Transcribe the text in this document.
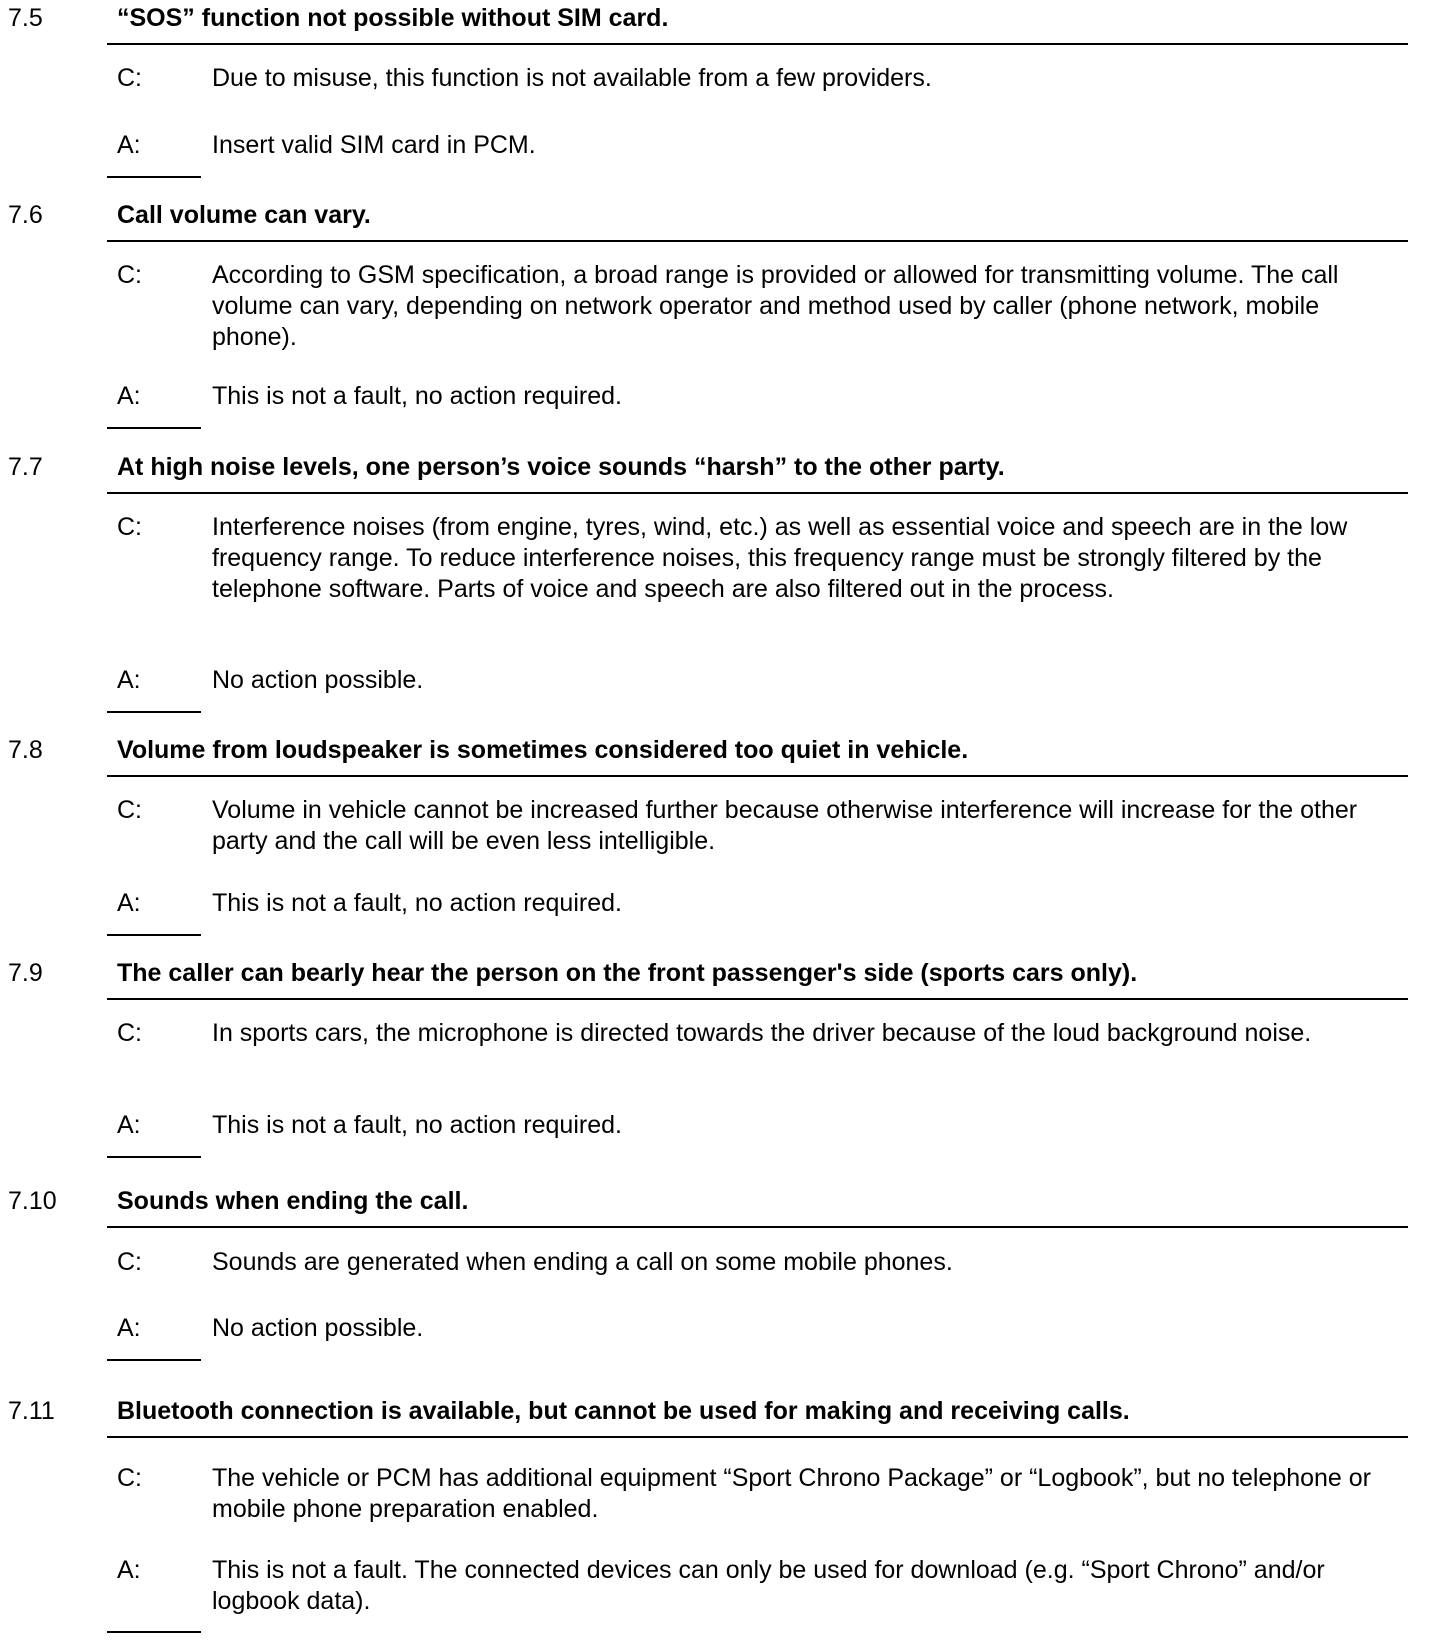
7.5	“SOS” function not possible without SIM card.
C:	Due to misuse, this function is not available from a few providers.
A:	Insert valid SIM card in PCM.
7.6	Call volume can vary.
C:	According to GSM specification, a broad range is provided or allowed for transmitting volume. The call volume can vary, depending on network operator and method used by caller (phone network, mobile phone).
A:	This is not a fault, no action required.
7.7	At high noise levels, one person’s voice sounds “harsh” to the other party.
C:	Interference noises (from engine, tyres, wind, etc.) as well as essential voice and speech are in the low frequency range. To reduce interference noises, this frequency range must be strongly filtered by the telephone software. Parts of voice and speech are also filtered out in the process.
A:	No action possible.
7.8	Volume from loudspeaker is sometimes considered too quiet in vehicle.
C:	Volume in vehicle cannot be increased further because otherwise interference will increase for the other party and the call will be even less intelligible.
A:	This is not a fault, no action required.
7.9	The caller can bearly hear the person on the front passenger's side (sports cars only).
C:	In sports cars, the microphone is directed towards the driver because of the loud background noise.
A:	This is not a fault, no action required.
7.10 Sounds when ending the call.
C:	Sounds are generated when ending a call on some mobile phones.
A:	No action possible.
7.11 Bluetooth connection is available, but cannot be used for making and receiving calls.
C:	The vehicle or PCM has additional equipment “Sport Chrono Package” or “Logbook”, but no telephone or mobile phone preparation enabled.
A:	This is not a fault. The connected devices can only be used for download (e.g. “Sport Chrono” and/or logbook data).
